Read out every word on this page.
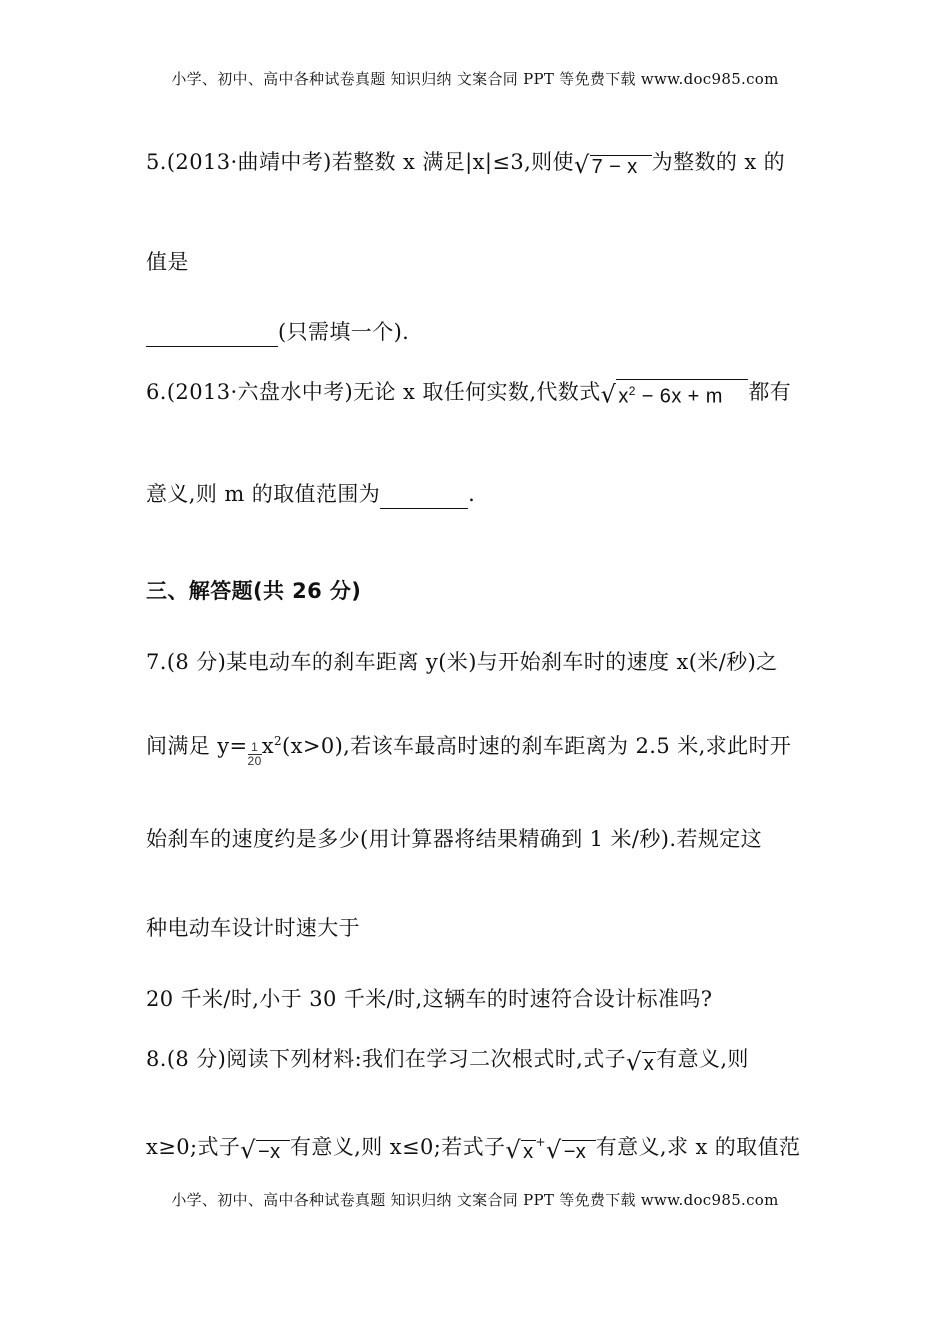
小学、初中、高中各种试卷真题 知识归纳 文案合同 PPT 等免费下载 www.doc985.com
5.(2013·曲靖中考)若整数 x 满足|x|≤3,则使√ 7 − x 为整数的 x 的
值是
(只需填一个).
6.(2013·六盘水中考)无论 x 取任何实数,代数式√ $x^2 - 6x + m$ 都有
意义,则 m 的取值范围为	.
三、解答题(共 26 分)
7.(8 分)某电动车的刹车距离 y(米)与开始刹车时的速度 x(米/秒)之
间满足 $y= \frac{1}{20} x^2(x>0)$,若该车最高时速的刹车距离为 2.5 米,求此时开
始刹车的速度约是多少(用计算器将结果精确到 1 米/秒).若规定这
种电动车设计时速大于
20 千米/时,小于 30 千米/时,这辆车的时速符合设计标准吗?
8.(8 分)阅读下列材料:我们在学习二次根式时,式子√ x有意义,则
x≥0;式子√ −x 有意义,则 x≤0;若式子√ x +√ −x 有意义,求 x 的取值范
小学、初中、高中各种试卷真题 知识归纳 文案合同 PPT 等免费下载 www.doc985.com
